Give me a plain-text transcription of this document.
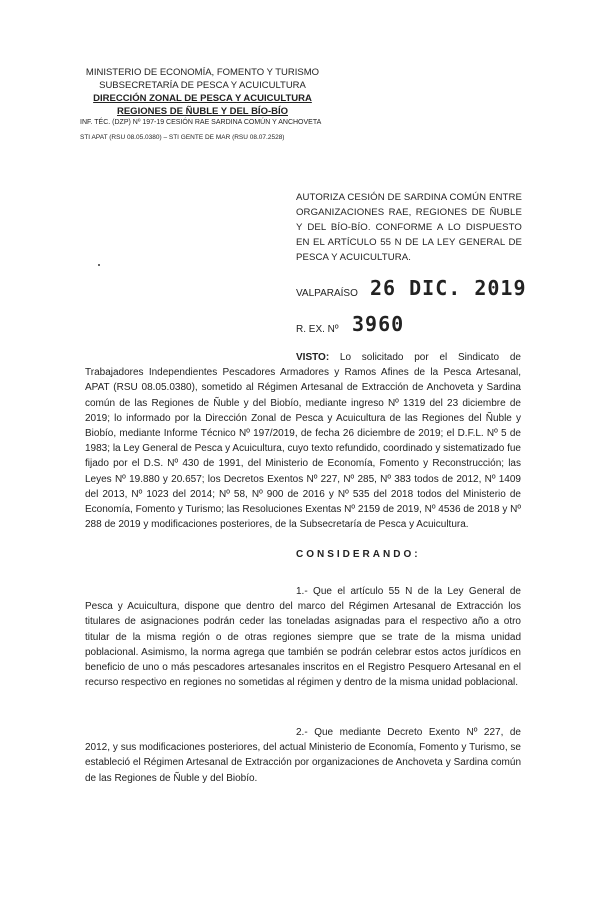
MINISTERIO DE ECONOMÍA, FOMENTO Y TURISMO
SUBSECRETARÍA DE PESCA Y ACUICULTURA
DIRECCIÓN ZONAL DE PESCA Y ACUICULTURA
REGIONES DE ÑUBLE Y DEL BÍO-BÍO
INF. TÉC. (DZP) Nº 197-19 CESIÓN RAE SARDINA COMÚN Y ANCHOVETA
STI APAT (RSU 08.05.0380) – STI GENTE DE MAR (RSU 08.07.2528)
AUTORIZA CESIÓN DE SARDINA COMÚN ENTRE ORGANIZACIONES RAE, REGIONES DE ÑUBLE Y DEL BÍO-BÍO. CONFORME A LO DISPUESTO EN EL ARTÍCULO 55 N DE LA LEY GENERAL DE PESCA Y ACUICULTURA.
VALPARAÍSO 26 DIC. 2019
R. EX. Nº 3960
VISTO: Lo solicitado por el Sindicato de Trabajadores Independientes Pescadores Armadores y Ramos Afines de la Pesca Artesanal, APAT (RSU 08.05.0380), sometido al Régimen Artesanal de Extracción de Anchoveta y Sardina común de las Regiones de Ñuble y del Biobío, mediante ingreso Nº 1319 del 23 diciembre de 2019; lo informado por la Dirección Zonal de Pesca y Acuicultura de las Regiones del Ñuble y Biobío, mediante Informe Técnico Nº 197/2019, de fecha 26 diciembre de 2019; el D.F.L. Nº 5 de 1983; la Ley General de Pesca y Acuicultura, cuyo texto refundido, coordinado y sistematizado fue fijado por el D.S. Nº 430 de 1991, del Ministerio de Economía, Fomento y Reconstrucción; las Leyes Nº 19.880 y 20.657; los Decretos Exentos Nº 227, Nº 285, Nº 383 todos de 2012, Nº 1409 del 2013, Nº 1023 del 2014; Nº 58, Nº 900 de 2016 y Nº 535 del 2018 todos del Ministerio de Economía, Fomento y Turismo; las Resoluciones Exentas Nº 2159 de 2019, Nº 4536 de 2018 y Nº 288 de 2019 y modificaciones posteriores, de la Subsecretaría de Pesca y Acuicultura.
CONSIDERANDO:
1.- Que el artículo 55 N de la Ley General de Pesca y Acuicultura, dispone que dentro del marco del Régimen Artesanal de Extracción los titulares de asignaciones podrán ceder las toneladas asignadas para el respectivo año a otro titular de la misma región o de otras regiones siempre que se trate de la misma unidad poblacional. Asimismo, la norma agrega que también se podrán celebrar estos actos jurídicos en beneficio de uno o más pescadores artesanales inscritos en el Registro Pesquero Artesanal en el recurso respectivo en regiones no sometidas al régimen y dentro de la misma unidad poblacional.
2.- Que mediante Decreto Exento Nº 227, de 2012, y sus modificaciones posteriores, del actual Ministerio de Economía, Fomento y Turismo, se estableció el Régimen Artesanal de Extracción por organizaciones de Anchoveta y Sardina común de las Regiones de Ñuble y del Biobío.
